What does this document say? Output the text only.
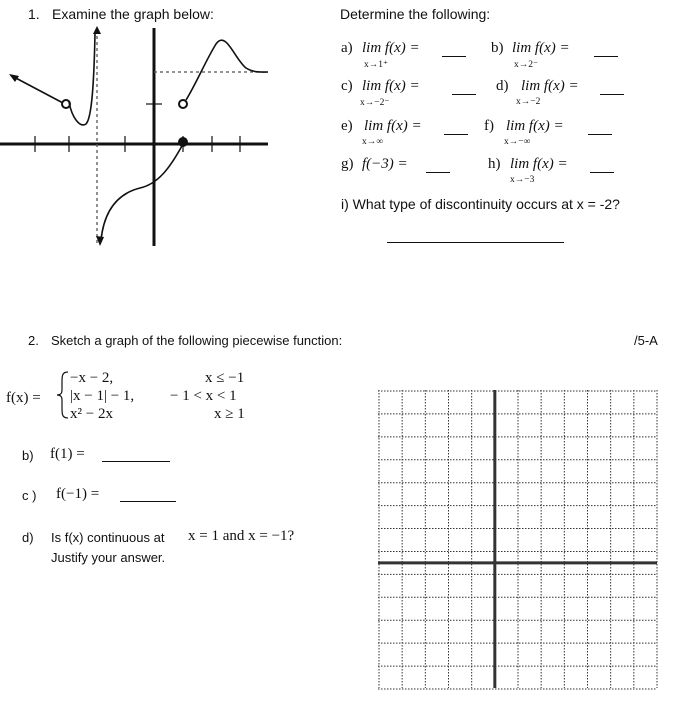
1. Examine the graph below:	Determine the following:
a) lim f(x) =
x→1⁺
b) lim f(x) =
x→2⁻
c) lim f(x) =
x→−2⁻
d) lim f(x) =
x→−2
e) lim f(x) =
x→∞
f) lim f(x) =
x→−∞
g) f(−3) =	h) lim f(x) =
x→−3
i) What type of discontinuity occurs at x = -2?
2. Sketch a graph of the following piecewise function:	/5-A
f(x) =
−x − 2,	x ≤ −1
|x − 1| − 1, − 1 < x < 1
x² − 2x	x ≥ 1
b) f(1) =
c ) f(−1) =
d) Is f(x) continuous at x = 1 and x = −1?
Justify your answer.
